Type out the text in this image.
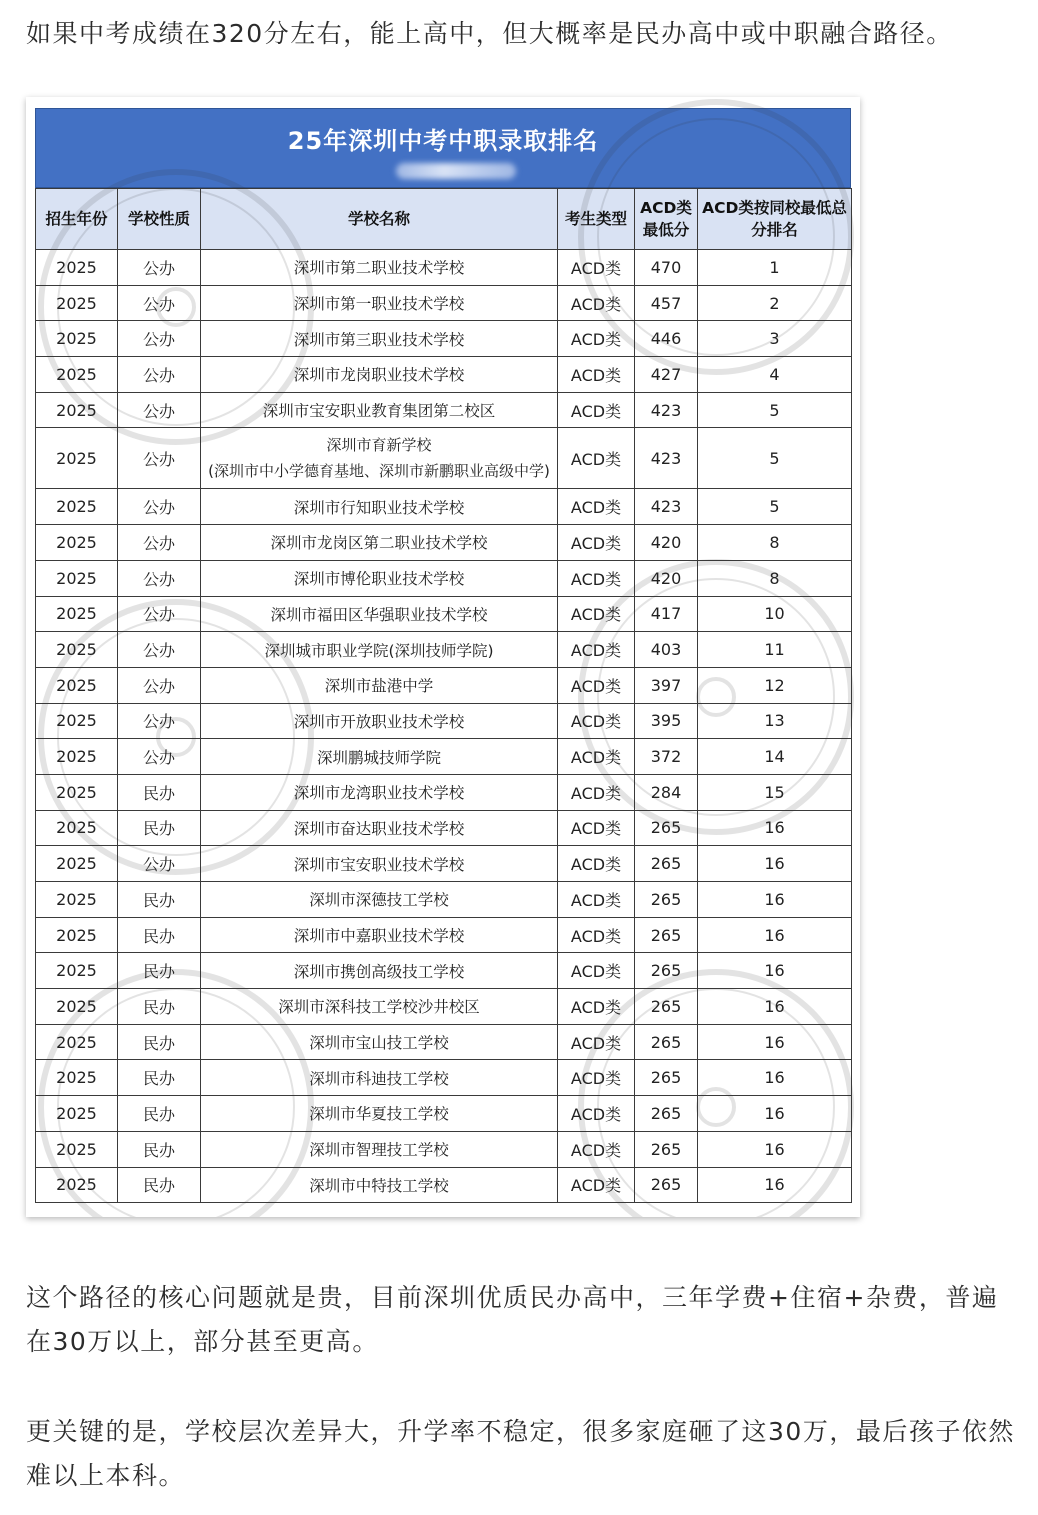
如果中考成绩在320分左右，能上高中，但大概率是民办高中或中职融合路径。

25年深圳中考中职录取排名
招生年份	学校性质	学校名称	考生类型	ACD类最低分	ACD类按同校最低总分排名
2025	公办	深圳市第二职业技术学校	ACD类	470	1
2025	公办	深圳市第一职业技术学校	ACD类	457	2
2025	公办	深圳市第三职业技术学校	ACD类	446	3
2025	公办	深圳市龙岗职业技术学校	ACD类	427	4
2025	公办	深圳市宝安职业教育集团第二校区	ACD类	423	5
2025	公办	深圳市育新学校
(深圳市中小学德育基地、深圳市新鹏职业高级中学)	ACD类	423	5
2025	公办	深圳市行知职业技术学校	ACD类	423	5
2025	公办	深圳市龙岗区第二职业技术学校	ACD类	420	8
2025	公办	深圳市博伦职业技术学校	ACD类	420	8
2025	公办	深圳市福田区华强职业技术学校	ACD类	417	10
2025	公办	深圳城市职业学院(深圳技师学院)	ACD类	403	11
2025	公办	深圳市盐港中学	ACD类	397	12
2025	公办	深圳市开放职业技术学校	ACD类	395	13
2025	公办	深圳鹏城技师学院	ACD类	372	14
2025	民办	深圳市龙湾职业技术学校	ACD类	284	15
2025	民办	深圳市奋达职业技术学校	ACD类	265	16
2025	公办	深圳市宝安职业技术学校	ACD类	265	16
2025	民办	深圳市深德技工学校	ACD类	265	16
2025	民办	深圳市中嘉职业技术学校	ACD类	265	16
2025	民办	深圳市携创高级技工学校	ACD类	265	16
2025	民办	深圳市深科技工学校沙井校区	ACD类	265	16
2025	民办	深圳市宝山技工学校	ACD类	265	16
2025	民办	深圳市科迪技工学校	ACD类	265	16
2025	民办	深圳市华夏技工学校	ACD类	265	16
2025	民办	深圳市智理技工学校	ACD类	265	16
2025	民办	深圳市中特技工学校	ACD类	265	16

这个路径的核心问题就是贵，目前深圳优质民办高中，三年学费+住宿+杂费，普遍在30万以上，部分甚至更高。

更关键的是，学校层次差异大，升学率不稳定，很多家庭砸了这30万，最后孩子依然难以上本科。
